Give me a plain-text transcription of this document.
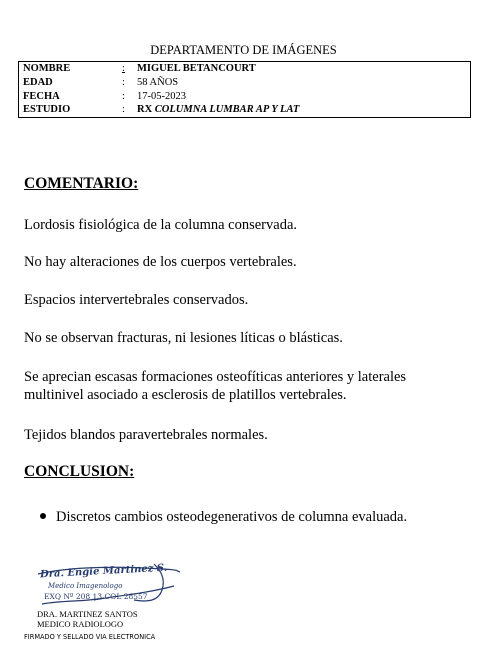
DEPARTAMENTO DE IMÁGENES
NOMBRE	: MIGUEL BETANCOURT
EDAD	: 58 AÑOS
FECHA	: 17-05-2023
ESTUDIO	: RX COLUMNA LUMBAR AP Y LAT
COMENTARIO:
Lordosis fisiológica de la columna conservada.
No hay alteraciones de los cuerpos vertebrales.
Espacios intervertebrales conservados.
No se observan fracturas, ni lesiones líticas o blásticas.
Se aprecian escasas formaciones osteofíticas anteriores y laterales multinivel asociado a esclerosis de platillos vertebrales.
Tejidos blandos paravertebrales normales.
CONCLUSION:
Discretos cambios osteodegenerativos de columna evaluada.
Dra. Engie Martinez S.
Medico Imagenologo
EXQ Nº 208 13 COL 28557
DRA. MARTINEZ SANTOS
MEDICO RADIOLOGO
FIRMADO Y SELLADO VIA ELECTRONICA
